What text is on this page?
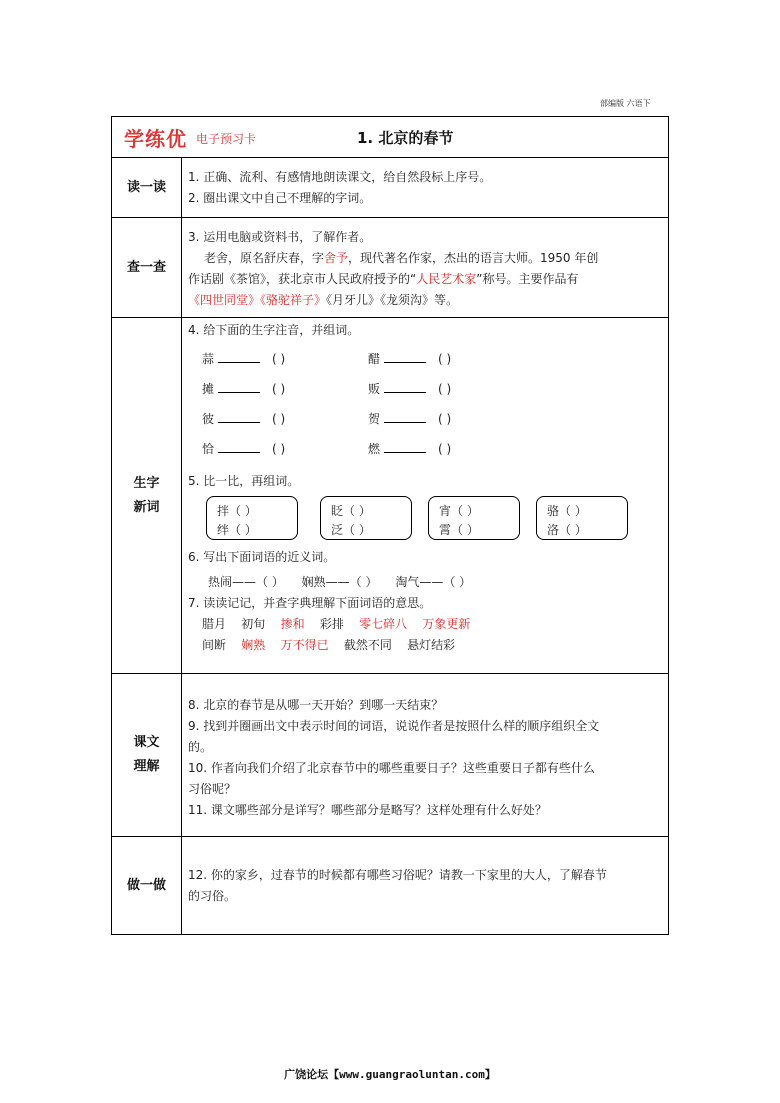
部编版 六语下
学练优 电子预习卡	1. 北京的春节
读一读
1. 正确、流利、有感情地朗读课文，给自然段标上序号。
2. 圈出课文中自己不理解的字词。
查一查
3. 运用电脑或资料书，了解作者。
老舍，原名舒庆春，字舍予，现代著名作家，杰出的语言大师。1950 年创
作话剧《茶馆》，获北京市人民政府授予的“人民艺术家”称号。主要作品有
《四世同堂》《骆驼祥子》《月牙儿》《龙须沟》等。
生字
新词
4. 给下面的生字注音，并组词。
蒜	( )	醋	( )
摊	( )	贩	( )
彼	( )	贺	( )
恰	( )	燃	( )
5. 比一比，再组词。
拌（ ）
绊（ ）
眨（ ）
泛（ ）
宵（ ）
霄（ ）
骆（ ）
洛（ ）
6. 写出下面词语的近义词。
热闹——（ ） 娴熟——（ ） 淘气——（ ）
7. 读读记记，并查字典理解下面词语的意思。
腊月 初旬 掺和 彩排 零七碎八 万象更新
间断 娴熟 万不得已 截然不同 悬灯结彩
课文
理解
8. 北京的春节是从哪一天开始？到哪一天结束？
9. 找到并圈画出文中表示时间的词语，说说作者是按照什么样的顺序组织全文
的。
10. 作者向我们介绍了北京春节中的哪些重要日子？这些重要日子都有些什么
习俗呢？
11. 课文哪些部分是详写？哪些部分是略写？这样处理有什么好处？
做一做
12. 你的家乡，过春节的时候都有哪些习俗呢？请教一下家里的大人，了解春节
的习俗。
广饶论坛【www.guangraoluntan.com】
